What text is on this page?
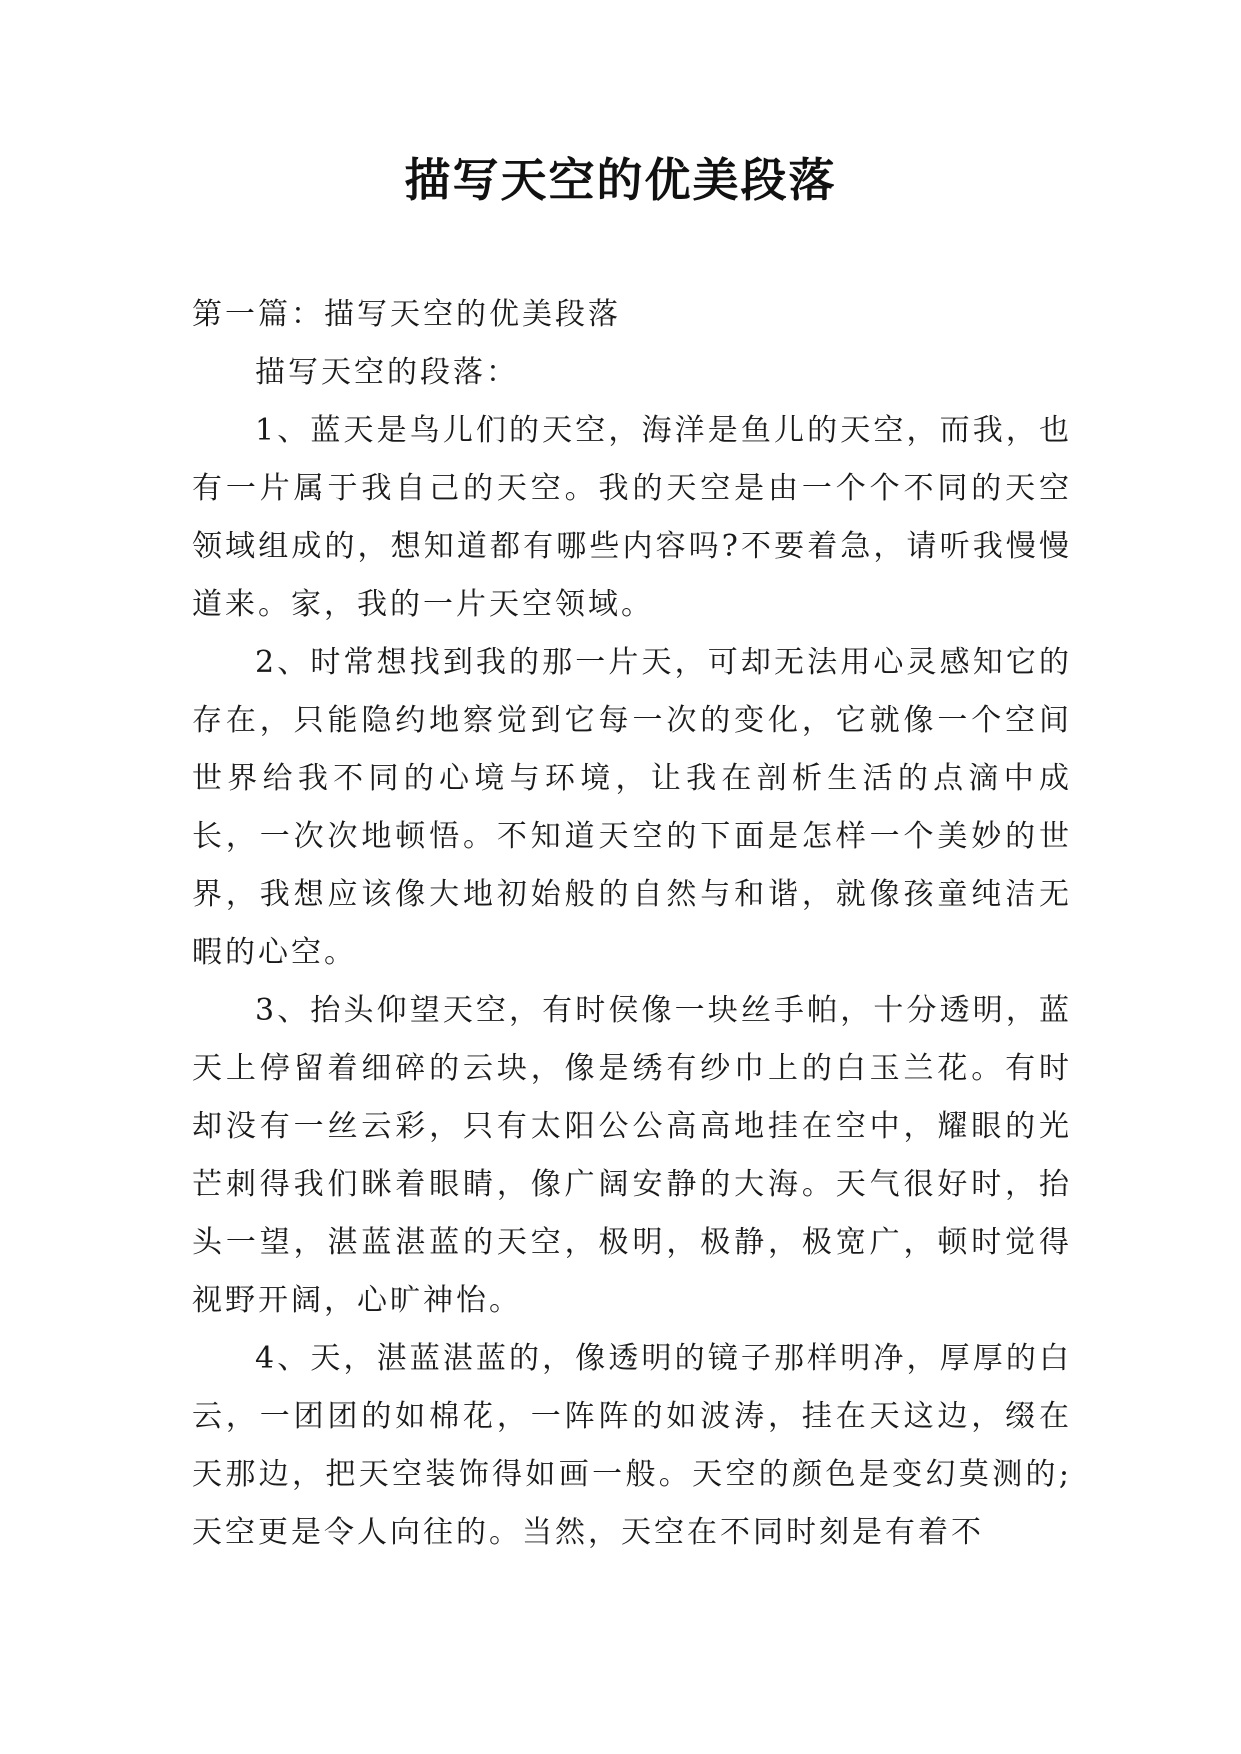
描写天空的优美段落

第一篇：描写天空的优美段落

描写天空的段落：

1、蓝天是鸟儿们的天空，海洋是鱼儿的天空，而我，也有一片属于我自己的天空。我的天空是由一个个不同的天空领域组成的，想知道都有哪些内容吗?不要着急，请听我慢慢道来。家，我的一片天空领域。

2、时常想找到我的那一片天，可却无法用心灵感知它的存在，只能隐约地察觉到它每一次的变化，它就像一个空间世界给我不同的心境与环境，让我在剖析生活的点滴中成长，一次次地顿悟。不知道天空的下面是怎样一个美妙的世界，我想应该像大地初始般的自然与和谐，就像孩童纯洁无暇的心空。

3、抬头仰望天空，有时侯像一块丝手帕，十分透明，蓝天上停留着细碎的云块，像是绣有纱巾上的白玉兰花。有时却没有一丝云彩，只有太阳公公高高地挂在空中，耀眼的光芒刺得我们眯着眼睛，像广阔安静的大海。天气很好时，抬头一望，湛蓝湛蓝的天空，极明，极静，极宽广，顿时觉得视野开阔，心旷神怡。

4、天，湛蓝湛蓝的，像透明的镜子那样明净，厚厚的白云，一团团的如棉花，一阵阵的如波涛，挂在天这边，缀在天那边，把天空装饰得如画一般。天空的颜色是变幻莫测的;天空更是令人向往的。当然，天空在不同时刻是有着不
